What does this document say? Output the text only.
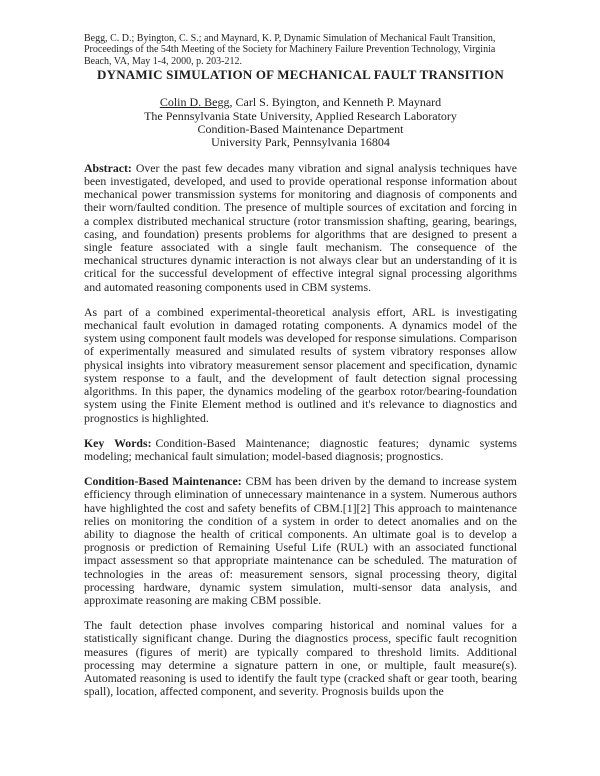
Begg, C. D.; Byington, C. S.; and Maynard, K. P, Dynamic Simulation of Mechanical Fault Transition,
Proceedings of the 54th Meeting of the Society for Machinery Failure Prevention Technology, Virginia
Beach, VA, May 1-4, 2000, p. 203-212.
DYNAMIC SIMULATION OF MECHANICAL FAULT TRANSITION
Colin D. Begg, Carl S. Byington, and Kenneth P. Maynard
The Pennsylvania State University, Applied Research Laboratory
Condition-Based Maintenance Department
University Park, Pennsylvania 16804

Abstract: Over the past few decades many vibration and signal analysis techniques have been investigated, developed, and used to provide operational response information about mechanical power transmission systems for monitoring and diagnosis of components and their worn/faulted condition. The presence of multiple sources of excitation and forcing in a complex distributed mechanical structure (rotor transmission shafting, gearing, bearings, casing, and foundation) presents problems for algorithms that are designed to present a single feature associated with a single fault mechanism. The consequence of the mechanical structures dynamic interaction is not always clear but an understanding of it is critical for the successful development of effective integral signal processing algorithms and automated reasoning components used in CBM systems.

As part of a combined experimental-theoretical analysis effort, ARL is investigating mechanical fault evolution in damaged rotating components. A dynamics model of the system using component fault models was developed for response simulations. Comparison of experimentally measured and simulated results of system vibratory responses allow physical insights into vibratory measurement sensor placement and specification, dynamic system response to a fault, and the development of fault detection signal processing algorithms. In this paper, the dynamics modeling of the gearbox rotor/bearing-foundation system using the Finite Element method is outlined and it's relevance to diagnostics and prognostics is highlighted.

Key Words: Condition-Based Maintenance; diagnostic features; dynamic systems modeling; mechanical fault simulation; model-based diagnosis; prognostics.

Condition-Based Maintenance: CBM has been driven by the demand to increase system efficiency through elimination of unnecessary maintenance in a system. Numerous authors have highlighted the cost and safety benefits of CBM.[1][2] This approach to maintenance relies on monitoring the condition of a system in order to detect anomalies and on the ability to diagnose the health of critical components. An ultimate goal is to develop a prognosis or prediction of Remaining Useful Life (RUL) with an associated functional impact assessment so that appropriate maintenance can be scheduled. The maturation of technologies in the areas of: measurement sensors, signal processing theory, digital processing hardware, dynamic system simulation, multi-sensor data analysis, and approximate reasoning are making CBM possible.

The fault detection phase involves comparing historical and nominal values for a statistically significant change. During the diagnostics process, specific fault recognition measures (figures of merit) are typically compared to threshold limits. Additional processing may determine a signature pattern in one, or multiple, fault measure(s). Automated reasoning is used to identify the fault type (cracked shaft or gear tooth, bearing spall), location, affected component, and severity. Prognosis builds upon the
